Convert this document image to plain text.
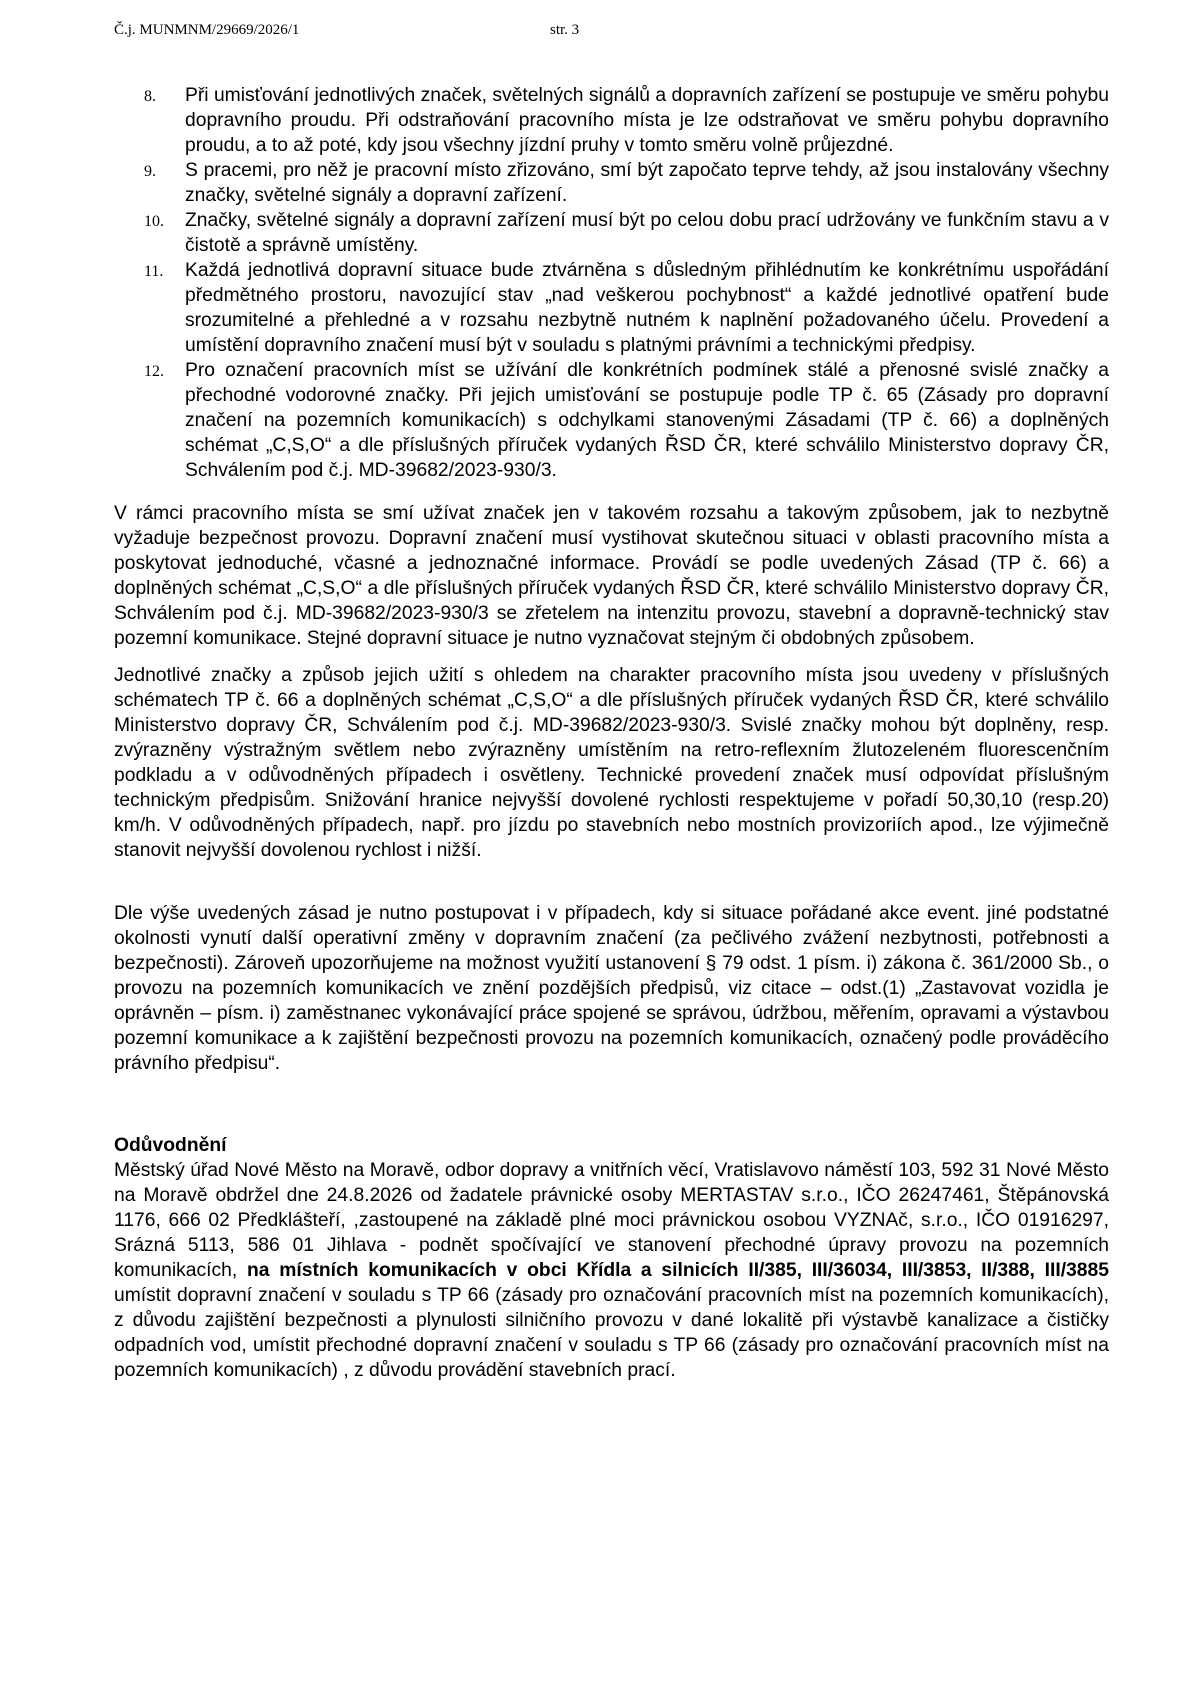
Č.j. MUNMNM/29669/2026/1	str. 3
8. Při umisťování jednotlivých značek, světelných signálů a dopravních zařízení se postupuje ve směru pohybu dopravního proudu. Při odstraňování pracovního místa je lze odstraňovat ve směru pohybu dopravního proudu, a to až poté, kdy jsou všechny jízdní pruhy v tomto směru volně průjezdné.
9. S pracemi, pro něž je pracovní místo zřizováno, smí být započato teprve tehdy, až jsou instalovány všechny značky, světelné signály a dopravní zařízení.
10. Značky, světelné signály a dopravní zařízení musí být po celou dobu prací udržovány ve funkčním stavu a v čistotě a správně umístěny.
11. Každá jednotlivá dopravní situace bude ztvárněna s důsledným přihlédnutím ke konkrétnímu uspořádání předmětného prostoru, navozující stav „nad veškerou pochybnost“ a každé jednotlivé opatření bude srozumitelné a přehledné a v rozsahu nezbytně nutném k naplnění požadovaného účelu. Provedení a umístění dopravního značení musí být v souladu s platnými právními a technickými předpisy.
12. Pro označení pracovních míst se užívání dle konkrétních podmínek stálé a přenosné svislé značky a přechodné vodorovné značky. Při jejich umisťování se postupuje podle TP č. 65 (Zásady pro dopravní značení na pozemních komunikacích) s odchylkami stanovenými Zásadami (TP č. 66) a doplněných schémat „C,S,O“ a dle příslušných příruček vydaných ŘSD ČR, které schválilo Ministerstvo dopravy ČR, Schválením pod č.j. MD-39682/2023-930/3.

V rámci pracovního místa se smí užívat značek jen v takovém rozsahu a takovým způsobem, jak to nezbytně vyžaduje bezpečnost provozu. Dopravní značení musí vystihovat skutečnou situaci v oblasti pracovního místa a poskytovat jednoduché, včasné a jednoznačné informace. Provádí se podle uvedených Zásad (TP č. 66) a doplněných schémat „C,S,O“ a dle příslušných příruček vydaných ŘSD ČR, které schválilo Ministerstvo dopravy ČR, Schválením pod č.j. MD-39682/2023-930/3 se zřetelem na intenzitu provozu, stavební a dopravně-technický stav pozemní komunikace. Stejné dopravní situace je nutno vyznačovat stejným či obdobných způsobem.

Jednotlivé značky a způsob jejich užití s ohledem na charakter pracovního místa jsou uvedeny v příslušných schématech TP č. 66 a doplněných schémat „C,S,O“ a dle příslušných příruček vydaných ŘSD ČR, které schválilo Ministerstvo dopravy ČR, Schválením pod č.j. MD-39682/2023-930/3. Svislé značky mohou být doplněny, resp. zvýrazněny výstražným světlem nebo zvýrazněny umístěním na retro-reflexním žlutozeleném fluorescenčním podkladu a v odůvodněných případech i osvětleny. Technické provedení značek musí odpovídat příslušným technickým předpisům. Snižování hranice nejvyšší dovolené rychlosti respektujeme v pořadí 50,30,10 (resp.20) km/h. V odůvodněných případech, např. pro jízdu po stavebních nebo mostních provizoriích apod., lze výjimečně stanovit nejvyšší dovolenou rychlost i nižší.

Dle výše uvedených zásad je nutno postupovat i v případech, kdy si situace pořádané akce event. jiné podstatné okolnosti vynutí další operativní změny v dopravním značení (za pečlivého zvážení nezbytnosti, potřebnosti a bezpečnosti). Zároveň upozorňujeme na možnost využití ustanovení § 79 odst. 1 písm. i) zákona č. 361/2000 Sb., o provozu na pozemních komunikacích ve znění pozdějších předpisů, viz citace – odst.(1) „Zastavovat vozidla je oprávněn – písm. i) zaměstnanec vykonávající práce spojené se správou, údržbou, měřením, opravami a výstavbou pozemní komunikace a k zajištění bezpečnosti provozu na pozemních komunikacích, označený podle prováděcího právního předpisu“.

Odůvodnění

Městský úřad Nové Město na Moravě, odbor dopravy a vnitřních věcí, Vratislavovo náměstí 103, 592 31 Nové Město na Moravě obdržel dne 24.8.2026 od žadatele právnické osoby MERTASTAV s.r.o., IČO 26247461, Štěpánovská 1176, 666 02 Předklášteří, ,zastoupené na základě plné moci právnickou osobou VYZNAč, s.r.o., IČO 01916297, Srázná 5113, 586 01 Jihlava - podnět spočívající ve stanovení přechodné úpravy provozu na pozemních komunikacích, na místních komunikacích v obci Křídla a silnicích II/385, III/36034, III/3853, II/388, III/3885 umístit dopravní značení v souladu s TP 66 (zásady pro označování pracovních míst na pozemních komunikacích), z důvodu zajištění bezpečnosti a plynulosti silničního provozu v dané lokalitě při výstavbě kanalizace a čističky odpadních vod, umístit přechodné dopravní značení v souladu s TP 66 (zásady pro označování pracovních míst na pozemních komunikacích) , z důvodu provádění stavebních prací.
